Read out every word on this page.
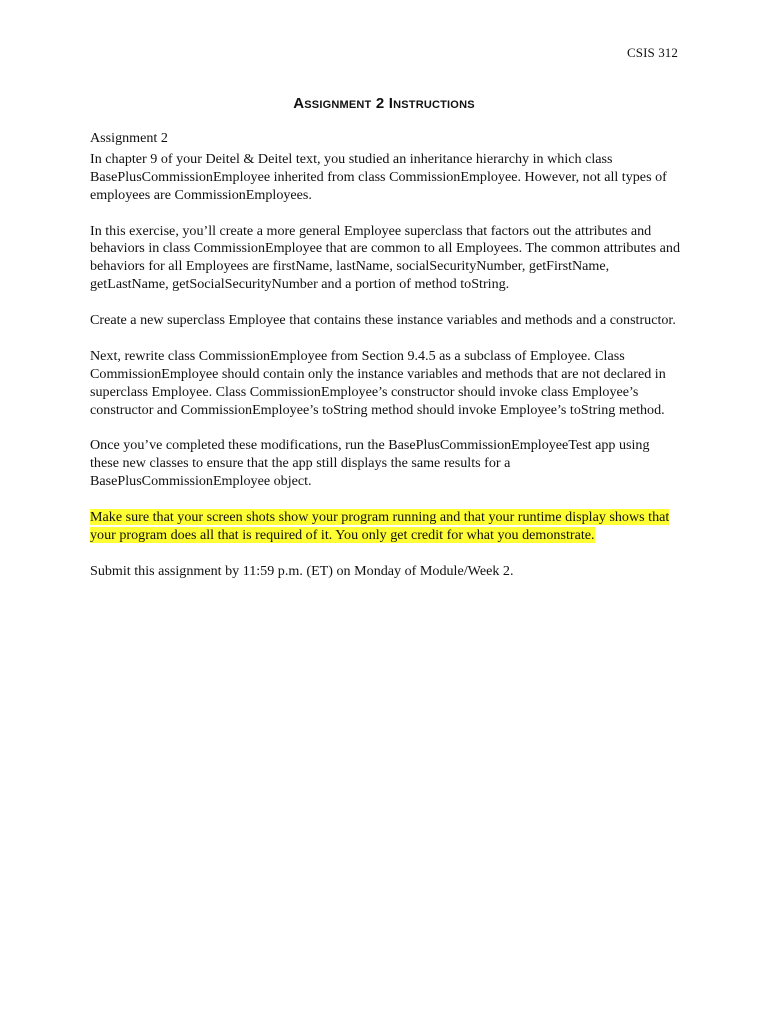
CSIS 312
Assignment 2 Instructions

Assignment 2

In chapter 9 of your Deitel & Deitel text, you studied an inheritance hierarchy in which class BasePlusCommissionEmployee inherited from class CommissionEmployee. However, not all types of employees are CommissionEmployees.

In this exercise, you’ll create a more general Employee superclass that factors out the attributes and behaviors in class CommissionEmployee that are common to all Employees. The common attributes and behaviors for all Employees are firstName, lastName, socialSecurityNumber, getFirstName, getLastName, getSocialSecurityNumber and a portion of method toString.

Create a new superclass Employee that contains these instance variables and methods and a constructor.

Next, rewrite class CommissionEmployee from Section 9.4.5 as a subclass of Employee. Class CommissionEmployee should contain only the instance variables and methods that are not declared in superclass Employee. Class CommissionEmployee’s constructor should invoke class Employee’s constructor and CommissionEmployee’s toString method should invoke Employee’s toString method.

Once you’ve completed these modifications, run the BasePlusCommissionEmployeeTest app using these new classes to ensure that the app still displays the same results for a BasePlusCommissionEmployee object.

Make sure that your screen shots show your program running and that your runtime display shows that your program does all that is required of it. You only get credit for what you demonstrate.

Submit this assignment by 11:59 p.m. (ET) on Monday of Module/Week 2.
